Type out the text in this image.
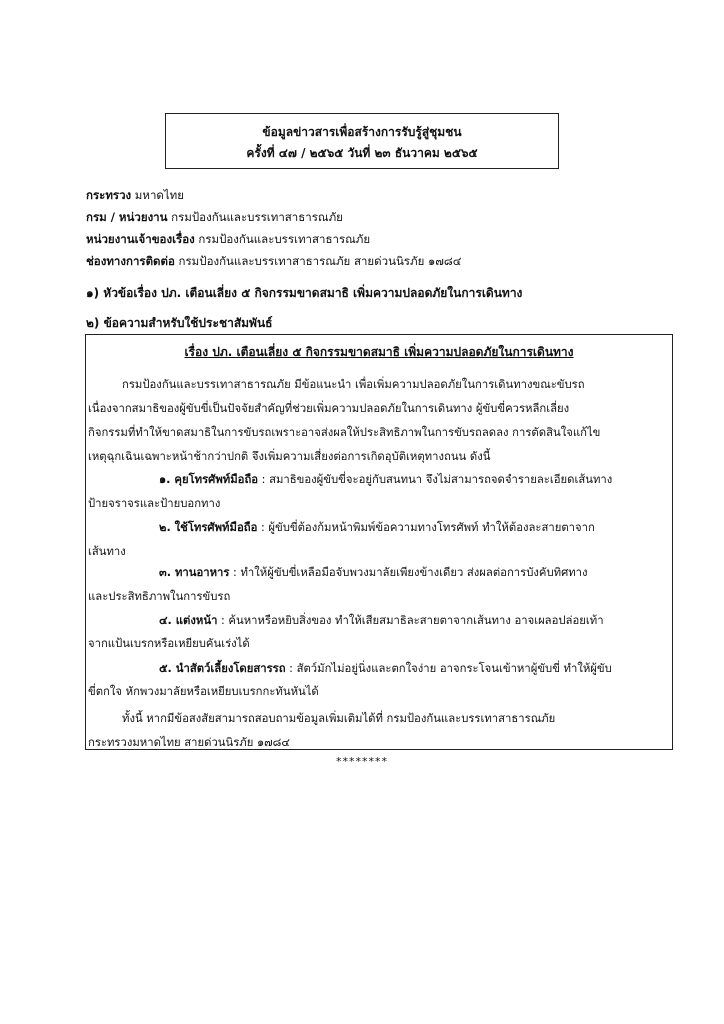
ข้อมูลข่าวสารเพื่อสร้างการรับรู้สู่ชุมชน
ครั้งที่ ๔๗ / ๒๕๖๕ วันที่ ๒๓ ธันวาคม ๒๕๖๕
กระทรวง มหาดไทย
กรม / หน่วยงาน กรมป้องกันและบรรเทาสาธารณภัย
หน่วยงานเจ้าของเรื่อง กรมป้องกันและบรรเทาสาธารณภัย
ช่องทางการติดต่อ กรมป้องกันและบรรเทาสาธารณภัย สายด่วนนิรภัย ๑๗๘๔
๑) หัวข้อเรื่อง ปภ. เตือนเลี่ยง ๕ กิจกรรมขาดสมาธิ เพิ่มความปลอดภัยในการเดินทาง
๒) ข้อความสำหรับใช้ประชาสัมพันธ์
เรื่อง ปภ. เตือนเลี่ยง ๕ กิจกรรมขาดสมาธิ เพิ่มความปลอดภัยในการเดินทาง
กรมป้องกันและบรรเทาสาธารณภัย มีข้อแนะนำ เพื่อเพิ่มความปลอดภัยในการเดินทางขณะขับรถ
เนื่องจากสมาธิของผู้ขับขี่เป็นปัจจัยสำคัญที่ช่วยเพิ่มความปลอดภัยในการเดินทาง ผู้ขับขี่ควรหลีกเลี่ยง
กิจกรรมที่ทำให้ขาดสมาธิในการขับรถเพราะอาจส่งผลให้ประสิทธิภาพในการขับรถลดลง การตัดสินใจแก้ไข
เหตุฉุกเฉินเฉพาะหน้าช้ากว่าปกติ จึงเพิ่มความเสี่ยงต่อการเกิดอุบัติเหตุทางถนน ดังนี้
๑. คุยโทรศัพท์มือถือ : สมาธิของผู้ขับขี่จะอยู่กับสนทนา จึงไม่สามารถจดจำรายละเอียดเส้นทาง
ป้ายจราจรและป้ายบอกทาง
๒. ใช้โทรศัพท์มือถือ : ผู้ขับขี่ต้องก้มหน้าพิมพ์ข้อความทางโทรศัพท์ ทำให้ต้องละสายตาจาก
เส้นทาง
๓. ทานอาหาร : ทำให้ผู้ขับขี่เหลือมือจับพวงมาลัยเพียงข้างเดียว ส่งผลต่อการบังคับทิศทาง
และประสิทธิภาพในการขับรถ
๔. แต่งหน้า : ค้นหาหรือหยิบสิ่งของ ทำให้เสียสมาธิละสายตาจากเส้นทาง อาจเผลอปล่อยเท้า
จากแป้นเบรกหรือเหยียบคันเร่งได้
๕. นำสัตว์เลี้ยงโดยสารรถ : สัตว์มักไม่อยู่นิ่งและตกใจง่าย อาจกระโจนเข้าหาผู้ขับขี่ ทำให้ผู้ขับ
ขี่ตกใจ หักพวงมาลัยหรือเหยียบเบรกกะทันหันได้
ทั้งนี้ หากมีข้อสงสัยสามารถสอบถามข้อมูลเพิ่มเติมได้ที่ กรมป้องกันและบรรเทาสาธารณภัย
กระทรวงมหาดไทย สายด่วนนิรภัย ๑๗๘๔
********
